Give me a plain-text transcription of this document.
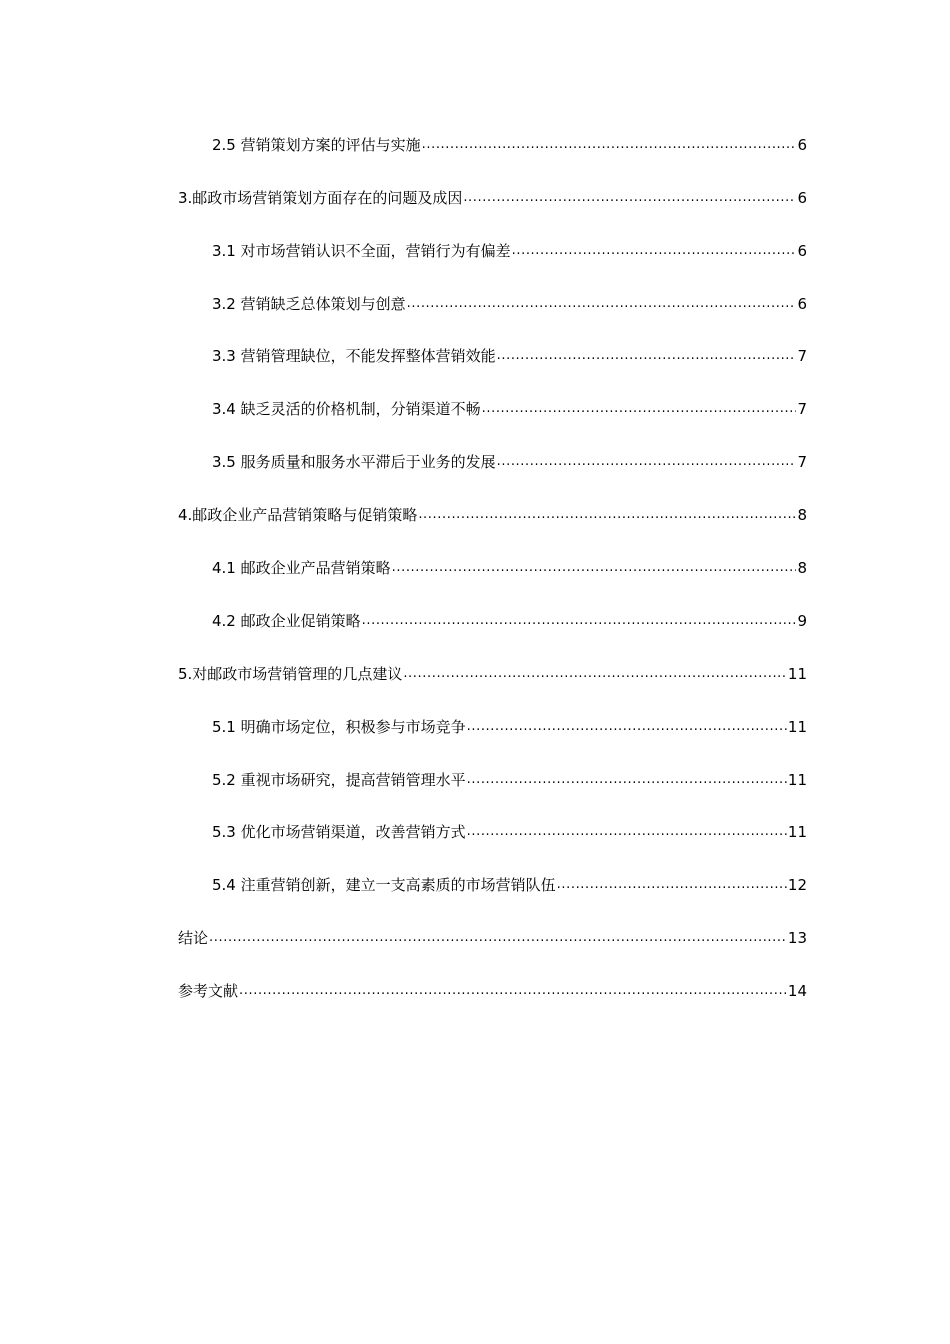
2.5 营销策划方案的评估与实施 .....	6
3.邮政市场营销策划方面存在的问题及成因 .....	6
3.1 对市场营销认识不全面，营销行为有偏差 .....	6
3.2 营销缺乏总体策划与创意 .....	6
3.3 营销管理缺位，不能发挥整体营销效能 .....	7
3.4 缺乏灵活的价格机制，分销渠道不畅 .....	7
3.5 服务质量和服务水平滞后于业务的发展 .....	7
4.邮政企业产品营销策略与促销策略 .....	8
4.1 邮政企业产品营销策略 .....	8
4.2 邮政企业促销策略 .....	9
5.对邮政市场营销管理的几点建议 .....	11
5.1 明确市场定位，积极参与市场竞争 .....	11
5.2 重视市场研究，提高营销管理水平 .....	11
5.3 优化市场营销渠道，改善营销方式 .....	11
5.4 注重营销创新，建立一支高素质的市场营销队伍 .....	12
结论 .....	13
参考文献 .....	14
